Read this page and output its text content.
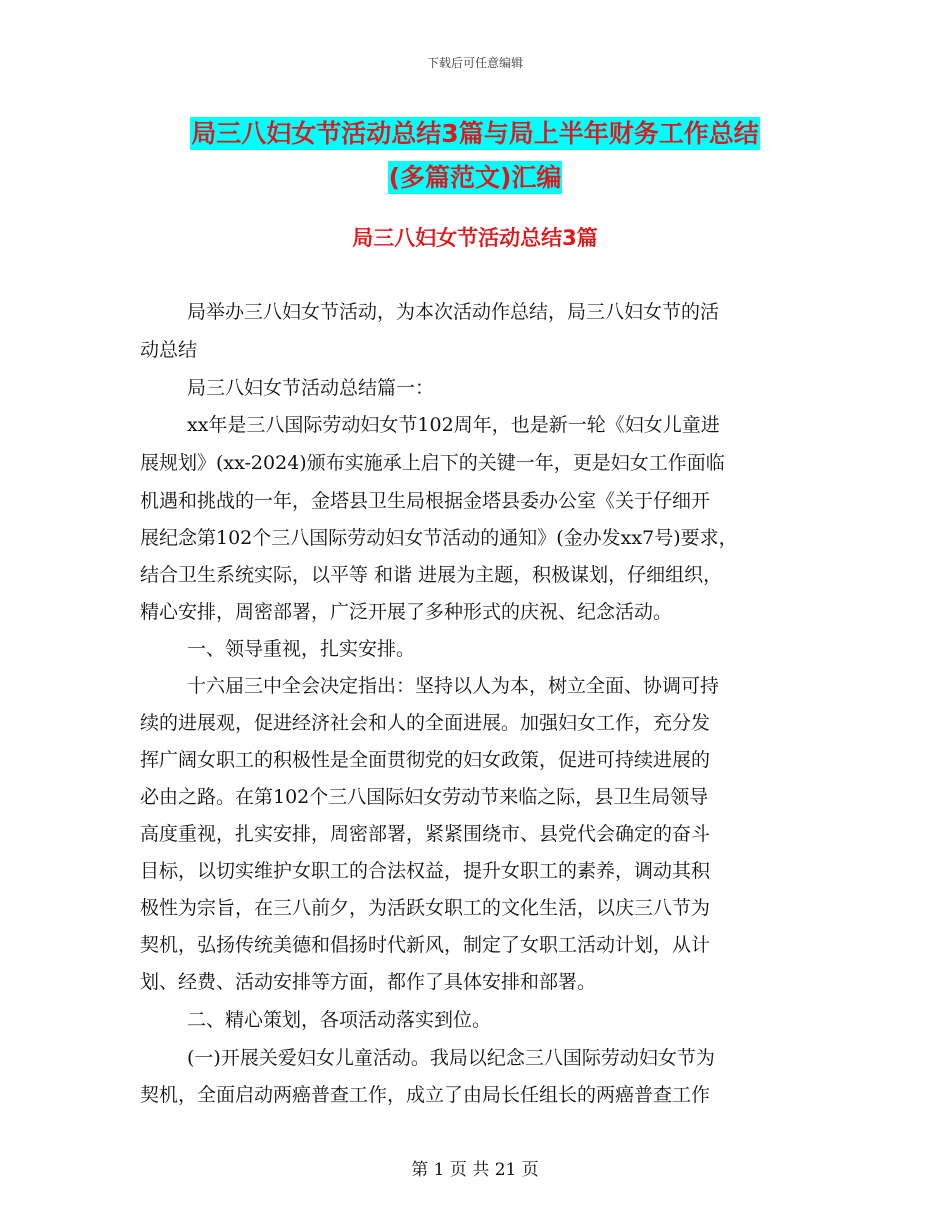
下载后可任意编辑
局三八妇女节活动总结3篇与局上半年财务工作总结
(多篇范文)汇编
局三八妇女节活动总结3篇
局举办三八妇女节活动，为本次活动作总结，局三八妇女节的活
动总结
局三八妇女节活动总结篇一：
xx年是三八国际劳动妇女节102周年，也是新一轮《妇女儿童进
展规划》(xx-2024)颁布实施承上启下的关键一年，更是妇女工作面临
机遇和挑战的一年，金塔县卫生局根据金塔县委办公室《关于仔细开
展纪念第102个三八国际劳动妇女节活动的通知》(金办发xx7号)要求，
结合卫生系统实际，以平等 和谐 进展为主题，积极谋划，仔细组织，
精心安排，周密部署，广泛开展了多种形式的庆祝、纪念活动。
一、领导重视，扎实安排。
十六届三中全会决定指出：坚持以人为本，树立全面、协调可持
续的进展观，促进经济社会和人的全面进展。加强妇女工作，充分发
挥广阔女职工的积极性是全面贯彻党的妇女政策，促进可持续进展的
必由之路。在第102个三八国际妇女劳动节来临之际，县卫生局领导
高度重视，扎实安排，周密部署，紧紧围绕市、县党代会确定的奋斗
目标，以切实维护女职工的合法权益，提升女职工的素养，调动其积
极性为宗旨，在三八前夕，为活跃女职工的文化生活，以庆三八节为
契机，弘扬传统美德和倡扬时代新风，制定了女职工活动计划，从计
划、经费、活动安排等方面，都作了具体安排和部署。
二、精心策划，各项活动落实到位。
(一)开展关爱妇女儿童活动。我局以纪念三八国际劳动妇女节为
契机，全面启动两癌普查工作，成立了由局长任组长的两癌普查工作
第 1 页 共 21 页
